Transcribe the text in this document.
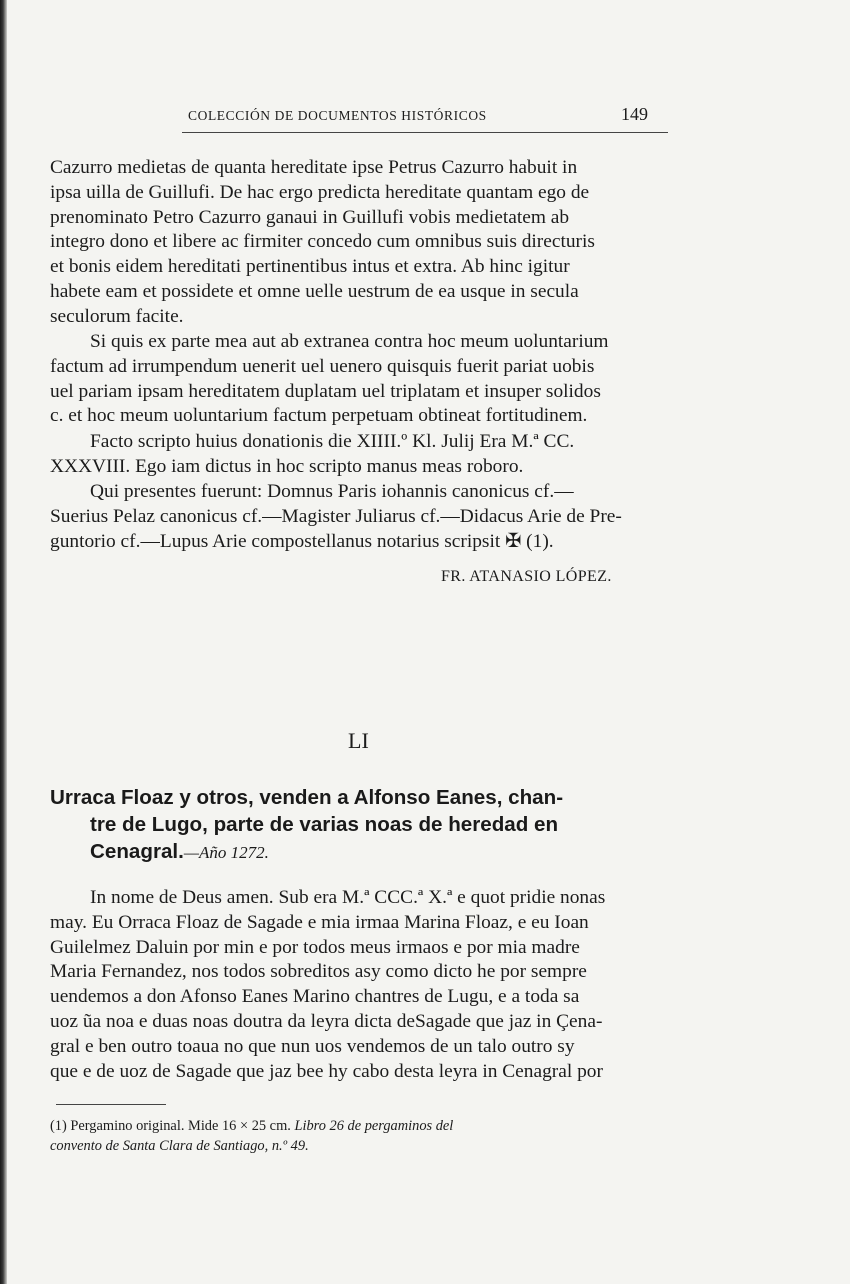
COLECCIÓN DE DOCUMENTOS HISTÓRICOS	149
Cazurro medietas de quanta hereditate ipse Petrus Cazurro habuit in
ipsa uilla de Guillufi. De hac ergo predicta hereditate quantam ego de
prenominato Petro Cazurro ganaui in Guillufi vobis medietatem ab
integro dono et libere ac firmiter concedo cum omnibus suis directuris
et bonis eidem hereditati pertinentibus intus et extra. Ab hinc igitur
habete eam et possidete et omne uelle uestrum de ea usque in secula
seculorum facite.
Si quis ex parte mea aut ab extranea contra hoc meum uoluntarium
factum ad irrumpendum uenerit uel uenero quisquis fuerit pariat uobis
uel pariam ipsam hereditatem duplatam uel triplatam et insuper solidos
c. et hoc meum uoluntarium factum perpetuam obtineat fortitudinem.
Facto scripto huius donationis die XIIII.º Kl. Julij Era M.ª CC.
XXXVIII. Ego iam dictus in hoc scripto manus meas roboro.
Qui presentes fuerunt: Domnus Paris iohannis canonicus cf.—
Suerius Pelaz canonicus cf.—Magister Juliarus cf.—Didacus Arie de Pre-
guntorio cf.—Lupus Arie compostellanus notarius scripsit ✠ (1).
FR. ATANASIO LÓPEZ.
LI
Urraca Floaz y otros, venden a Alfonso Eanes, chan-
tre de Lugo, parte de varias noas de heredad en
Cenagral.—Año 1272.
In nome de Deus amen. Sub era M.ª CCC.ª X.ª e quot pridie nonas
may. Eu Orraca Floaz de Sagade e mia irmaa Marina Floaz, e eu Ioan
Guilelmez Daluin por min e por todos meus irmaos e por mia madre
Maria Fernandez, nos todos sobreditos asy como dicto he por sempre
uendemos a don Afonso Eanes Marino chantres de Lugu, e a toda sa
uoz ũa noa e duas noas doutra da leyra dicta deSagade que jaz in Çena-
gral e ben outro toaua no que nun uos vendemos de un talo outro sy
que e de uoz de Sagade que jaz bee hy cabo desta leyra in Cenagral por
(1) Pergamino original. Mide 16 × 25 cm. Libro 26 de pergaminos del
convento de Santa Clara de Santiago, n.º 49.
